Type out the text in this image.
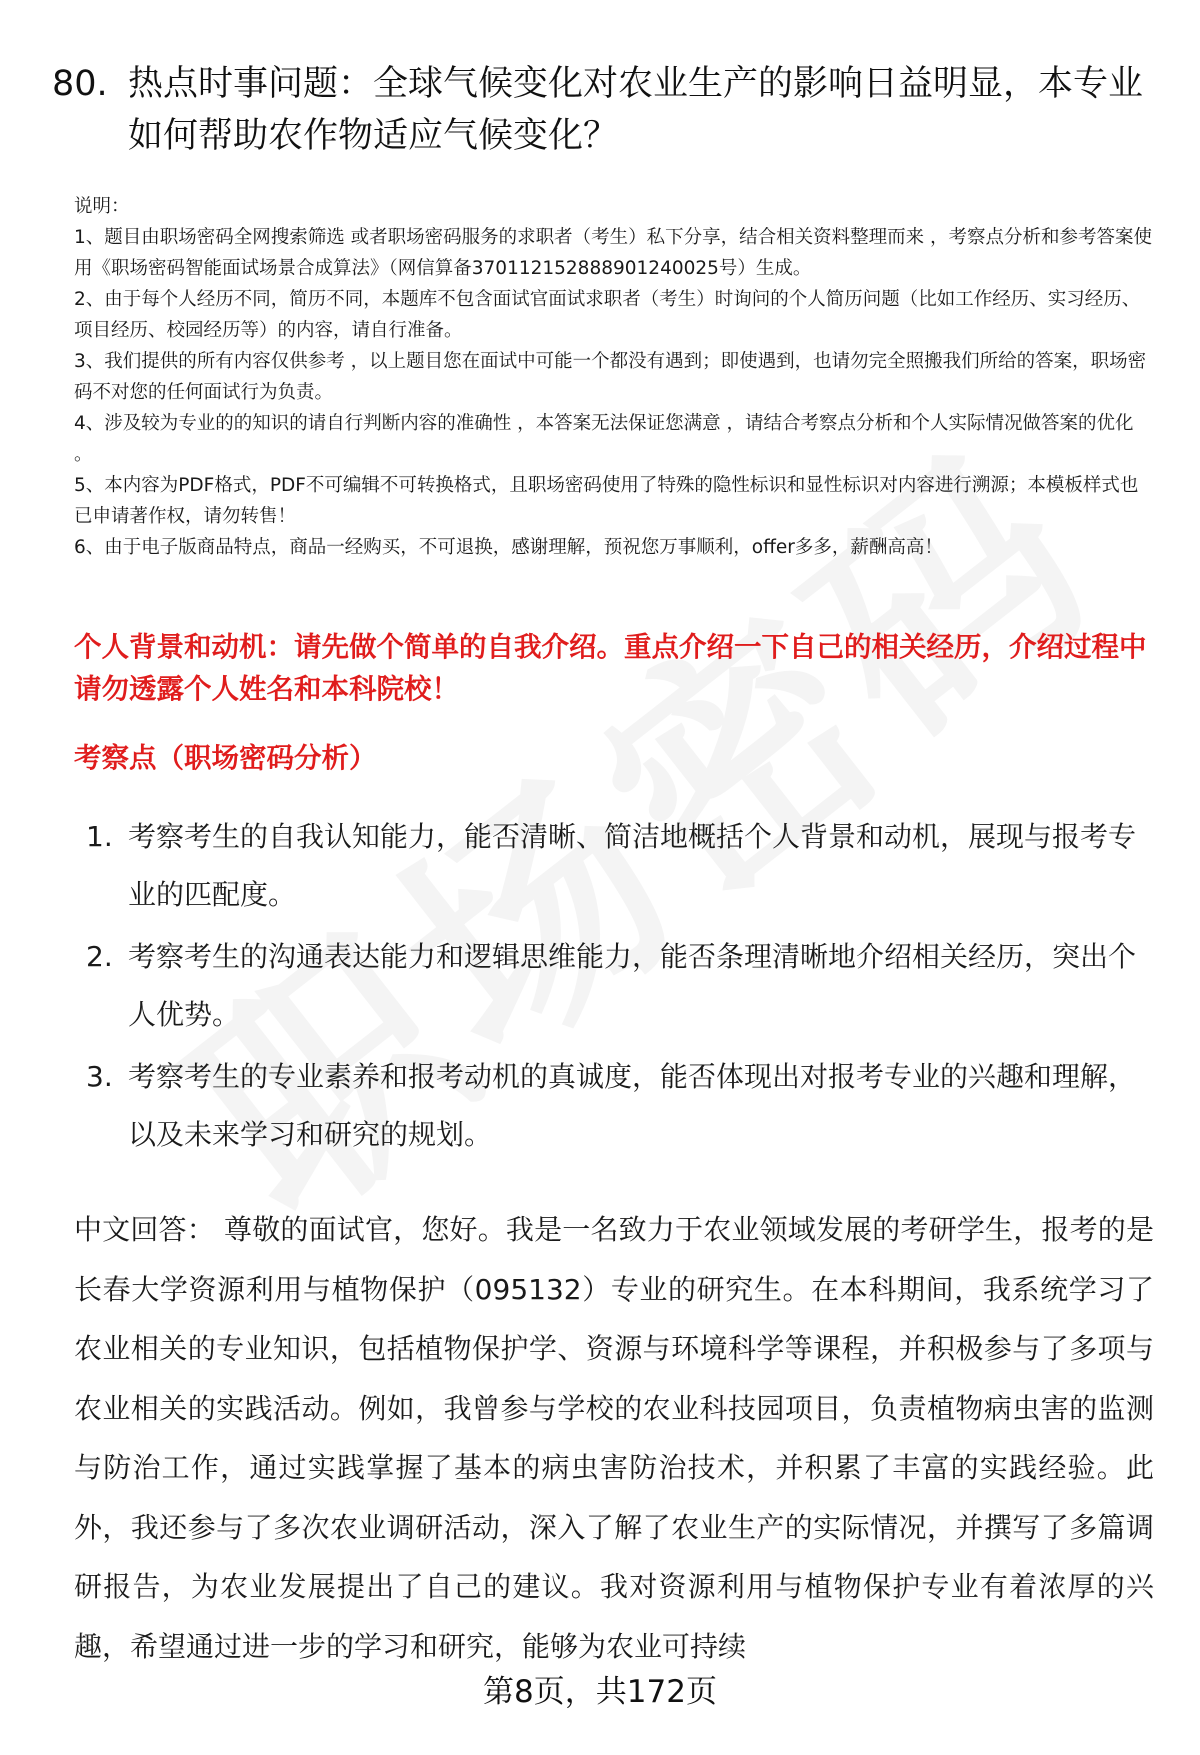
80. 热点时事问题：全球气候变化对农业生产的影响日益明显，本专业如何帮助农作物适应气候变化？

说明：

1、题目由职场密码全网搜索筛选 或者职场密码服务的求职者（考生）私下分享，结合相关资料整理而来 ，考察点分析和参考答案使用《职场密码智能面试场景合成算法》（网信算备370112152888901240025号）生成。

2、由于每个人经历不同，简历不同，本题库不包含面试官面试求职者（考生）时询问的个人简历问题（比如工作经历、实习经历、项目经历、校园经历等）的内容，请自行准备。

3、我们提供的所有内容仅供参考 ，以上题目您在面试中可能一个都没有遇到；即使遇到，也请勿完全照搬我们所给的答案，职场密码不对您的任何面试行为负责。

4、涉及较为专业的的知识的请自行判断内容的准确性 ，本答案无法保证您满意 ，请结合考察点分析和个人实际情况做答案的优化 。

5、本内容为PDF格式，PDF不可编辑不可转换格式，且职场密码使用了特殊的隐性标识和显性标识对内容进行溯源；本模板样式也已申请著作权，请勿转售！

6、由于电子版商品特点，商品一经购买，不可退换，感谢理解，预祝您万事顺利，offer多多，薪酬高高！

个人背景和动机：请先做个简单的自我介绍。重点介绍一下自己的相关经历，介绍过程中请勿透露个人姓名和本科院校！
考察点（职场密码分析）
1. 考察考生的自我认知能力，能否清晰、简洁地概括个人背景和动机，展现与报考专业的匹配度。
2. 考察考生的沟通表达能力和逻辑思维能力，能否条理清晰地介绍相关经历，突出个人优势。
3. 考察考生的专业素养和报考动机的真诚度，能否体现出对报考专业的兴趣和理解，以及未来学习和研究的规划。
中文回答： 尊敬的面试官，您好。我是一名致力于农业领域发展的考研学生，报考的是长春大学资源利用与植物保护（095132）专业的研究生。在本科期间，我系统学习了农业相关的专业知识，包括植物保护学、资源与环境科学等课程，并积极参与了多项与农业相关的实践活动。例如，我曾参与学校的农业科技园项目，负责植物病虫害的监测与防治工作，通过实践掌握了基本的病虫害防治技术，并积累了丰富的实践经验。此外，我还参与了多次农业调研活动，深入了解了农业生产的实际情况，并撰写了多篇调研报告，为农业发展提出了自己的建议。我对资源利用与植物保护专业有着浓厚的兴趣，希望通过进一步的学习和研究，能够为农业可持续
第8页，共172页
